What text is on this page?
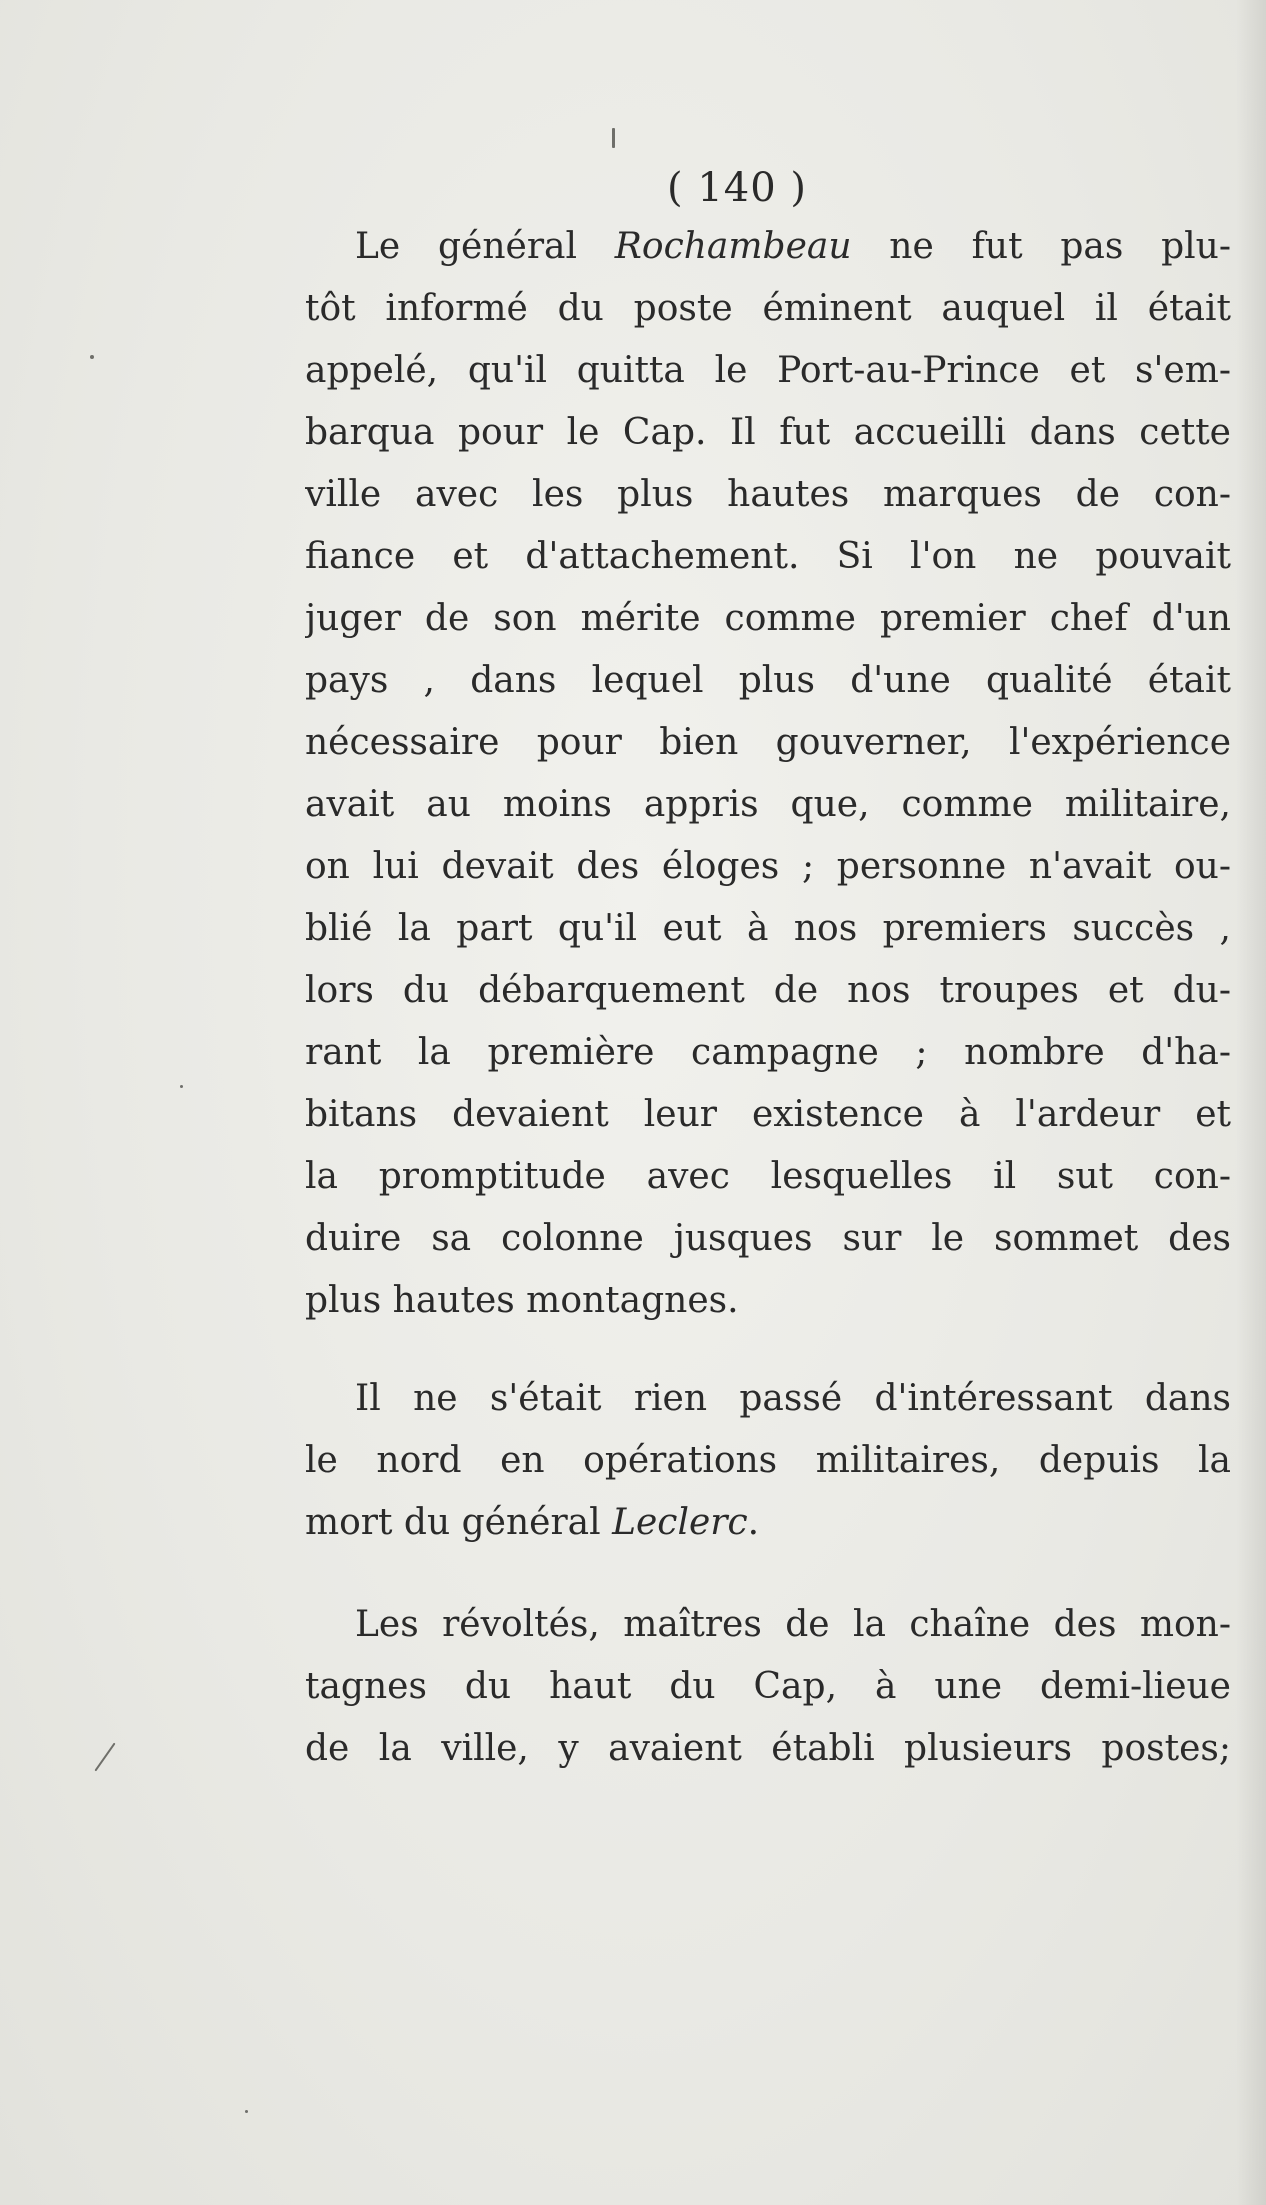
( 140 )
Le général Rochambeau ne fut pas plu-
tôt informé du poste éminent auquel il était
appelé, qu'il quitta le Port-au-Prince et s'em-
barqua pour le Cap. Il fut accueilli dans cette
ville avec les plus hautes marques de con-
fiance et d'attachement. Si l'on ne pouvait
juger de son mérite comme premier chef d'un
pays , dans lequel plus d'une qualité était
nécessaire pour bien gouverner, l'expérience
avait au moins appris que, comme militaire,
on lui devait des éloges ; personne n'avait ou-
blié la part qu'il eut à nos premiers succès ,
lors du débarquement de nos troupes et du-
rant la première campagne ; nombre d'ha-
bitans devaient leur existence à l'ardeur et
la promptitude avec lesquelles il sut con-
duire sa colonne jusques sur le sommet des
plus hautes montagnes.
Il ne s'était rien passé d'intéressant dans
le nord en opérations militaires, depuis la
mort du général Leclerc.
Les révoltés, maîtres de la chaîne des mon-
tagnes du haut du Cap, à une demi-lieue
de la ville, y avaient établi plusieurs postes;
